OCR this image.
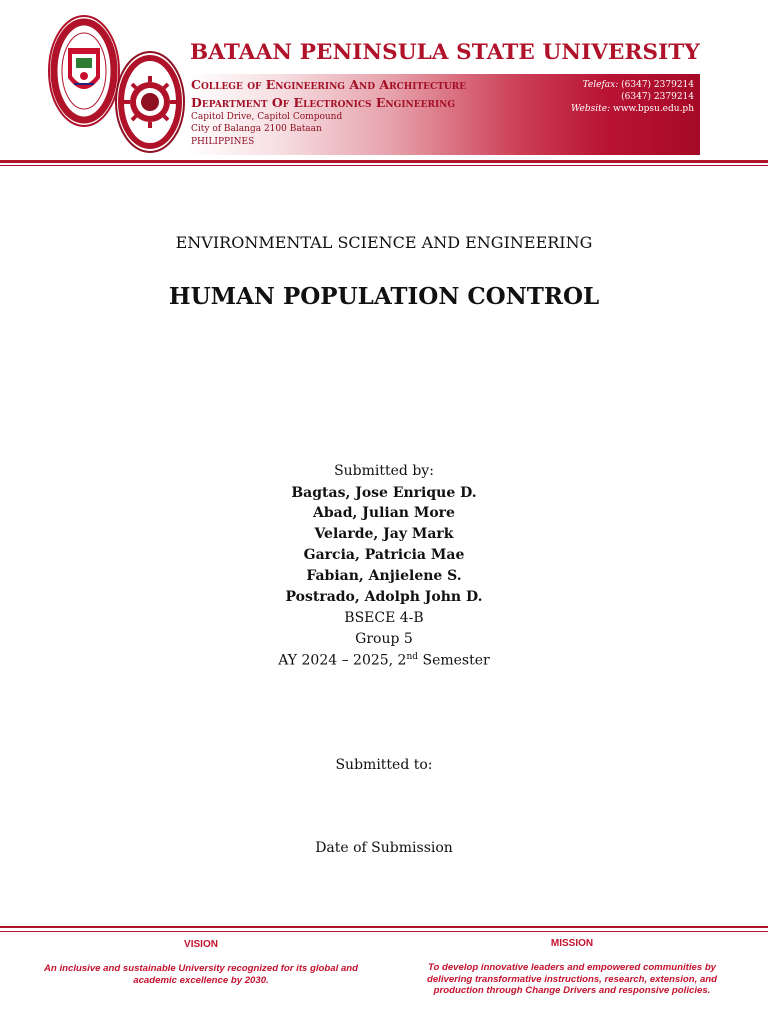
BATAAN PENINSULA STATE UNIVERSITY
College of Engineering And Architecture
Department Of Electronics Engineering
Capitol Drive, Capitol Compound
City of Balanga 2100 Bataan
PHILIPPINES
Telefax: (6347) 2379214
(6347) 2379214
Website: www.bpsu.edu.ph
ENVIRONMENTAL SCIENCE AND ENGINEERING
HUMAN POPULATION CONTROL
Submitted by:
Bagtas, Jose Enrique D.
Abad, Julian More
Velarde, Jay Mark
Garcia, Patricia Mae
Fabian, Anjielene S.
Postrado, Adolph John D.
BSECE 4-B
Group 5
AY 2024 – 2025, 2nd Semester
Submitted to:
Date of Submission
VISION
An inclusive and sustainable University recognized for its global and academic excellence by 2030.
MISSION
To develop innovative leaders and empowered communities by delivering transformative instructions, research, extension, and production through Change Drivers and responsive policies.
